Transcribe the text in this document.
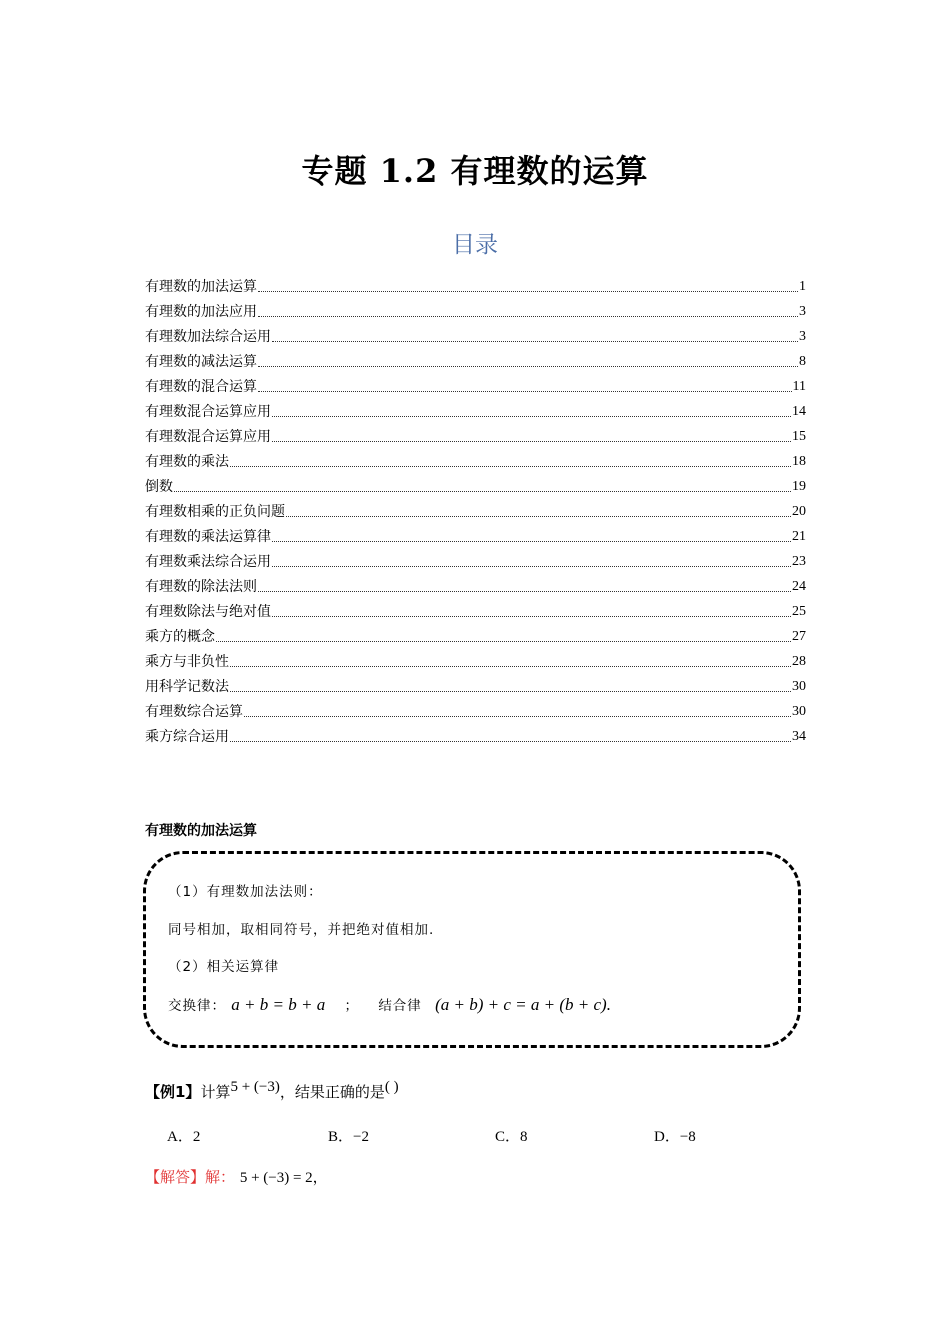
专题 1.2 有理数的运算
目录
有理数的加法运算	1
有理数的加法应用	3
有理数加法综合运用	3
有理数的减法运算	8
有理数的混合运算	11
有理数混合运算应用	14
有理数混合运算应用	15
有理数的乘法	18
倒数	19
有理数相乘的正负问题	20
有理数的乘法运算律	21
有理数乘法综合运用	23
有理数的除法法则	24
有理数除法与绝对值	25
乘方的概念	27
乘方与非负性	28
用科学记数法	30
有理数综合运算	30
乘方综合运用	34
有理数的加法运算
（1）有理数加法法则：
同号相加，取相同符号，并把绝对值相加.
（2）相关运算律
交换律： a + b = b + a ； 结合律 (a + b) + c = a + (b + c).
【例1】计算5 + (−3)，结果正确的是( )
A．2	B．−2	C．8	D．−8
【解答】解： 5 + (−3) = 2，
